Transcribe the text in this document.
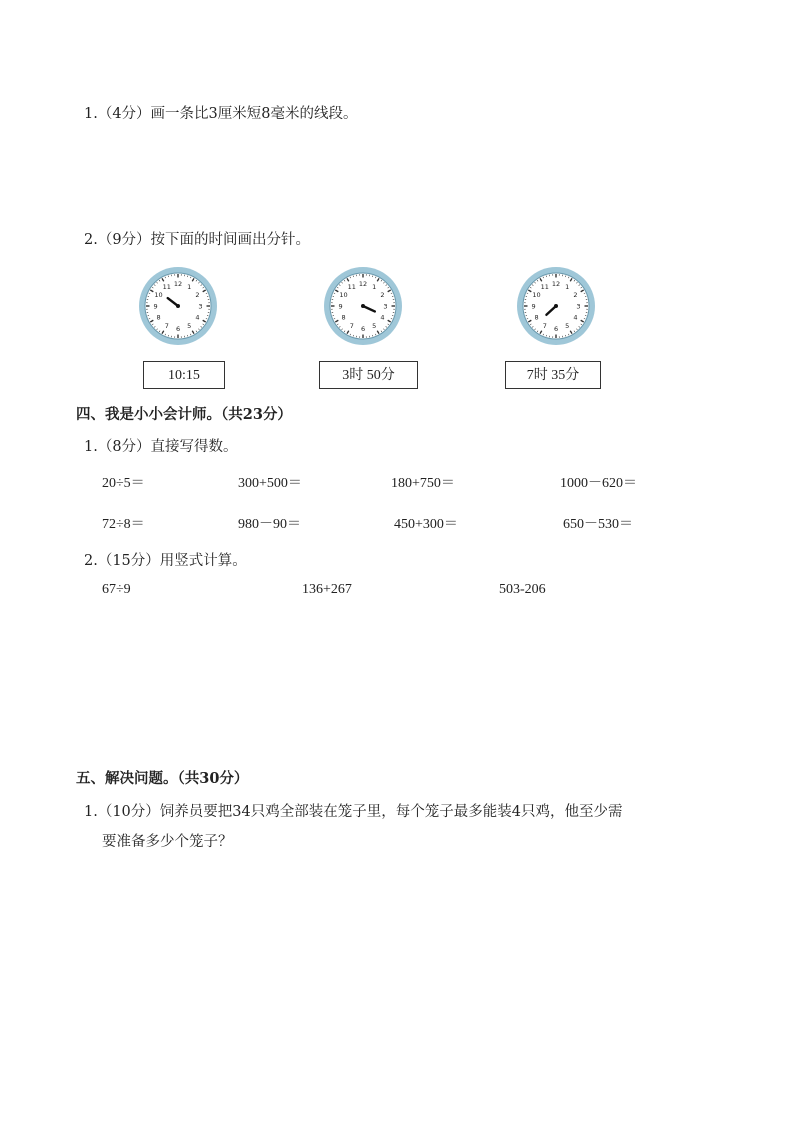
1.（4分）画一条比3厘米短8毫米的线段。
2.（9分）按下面的时间画出分针。
12 1
2
3
4
5
6
7
8
9
10
11	12 1
2
3
4
5
6
7
8
9
10
11	12 1
2
3
4
5
6
7
8
9
10
11
10:15	3时 50分	7时 35分
四、我是小小会计师。（共23分）
1.（8分）直接写得数。
20÷5＝	300+500＝	180+750＝	1000－620＝
72÷8＝	980－90＝	450+300＝	650－530＝
2.（15分）用竖式计算。
67÷9	136+267	503-206
五、解决问题。（共30分）
1.（10分）饲养员要把34只鸡全部装在笼子里，每个笼子最多能装4只鸡，他至少需
要准备多少个笼子？
